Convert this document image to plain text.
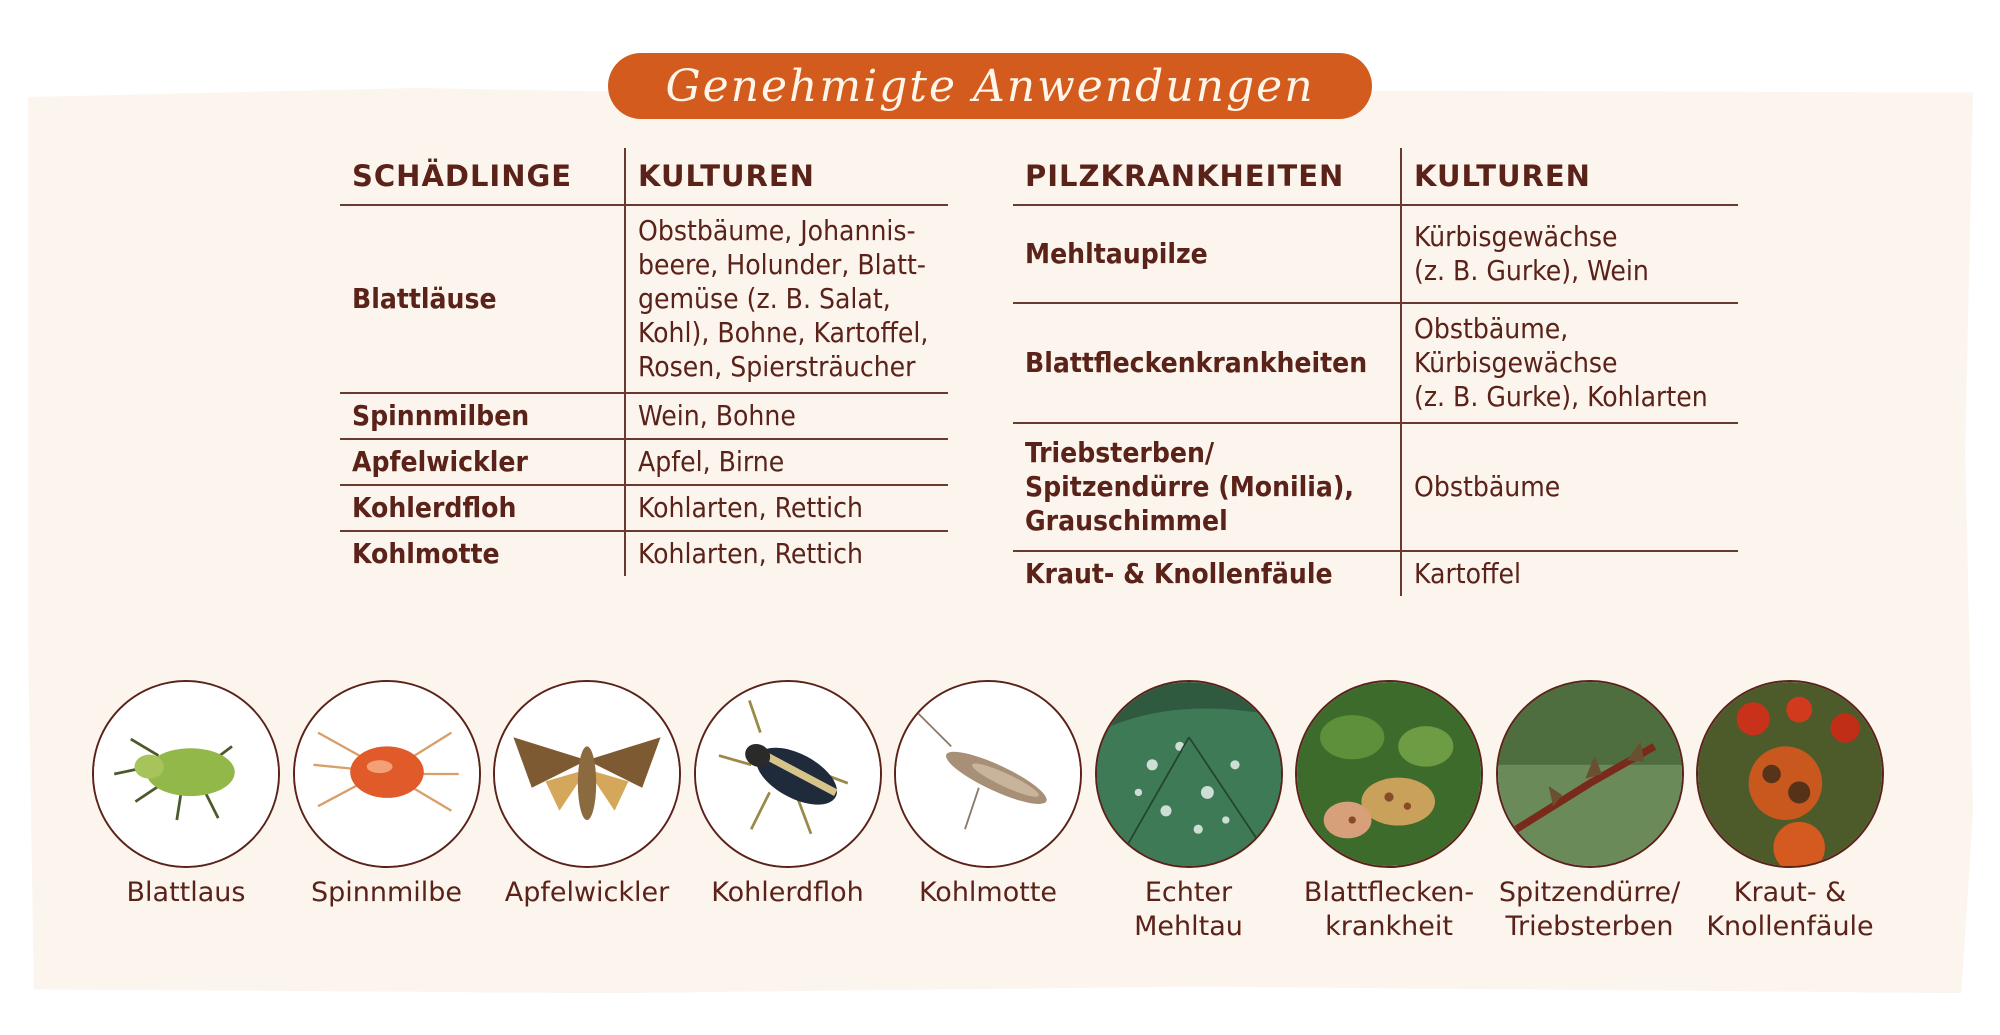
Genehmigte Anwendungen
SCHÄDLINGE	KULTUREN
Blattläuse	Obstbäume, Johannis-
beere, Holunder, Blatt-
gemüse (z. B. Salat,
Kohl), Bohne, Kartoffel,
Rosen, Spiersträucher
Spinnmilben	Wein, Bohne
Apfelwickler	Apfel, Birne
Kohlerdfloh	Kohlarten, Rettich
Kohlmotte	Kohlarten, Rettich
PILZKRANKHEITEN	KULTUREN
Mehltaupilze	Kürbisgewächse
(z. B. Gurke), Wein
Blattfleckenkrankheiten	Obstbäume,
Kürbisgewächse
(z. B. Gurke), Kohlarten
Triebsterben/
Spitzendürre (Monilia),
Grauschimmel	Obstbäume
Kraut- & Knollenfäule	Kartoffel
Blattlaus	Spinnmilbe	Apfelwickler	Kohlerdfloh	Kohlmotte	Echter Mehltau
Blattflecken-
krankheit
Spitzendürre/
Triebsterben
Kraut- &
Knollenfäule
